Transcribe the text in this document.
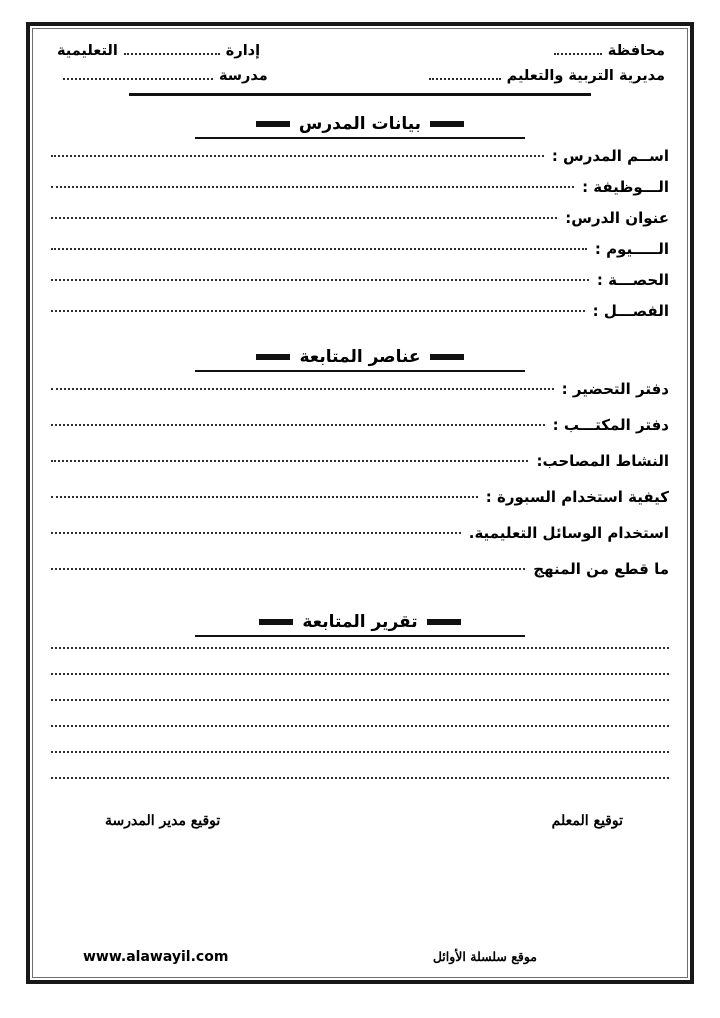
محافظة
إدارة
التعليمية
مديرية التربية والتعليم
مدرسة
بيانات المدرس
اســم المدرس :
الـــوظيفة :
عنوان الدرس:
الـــــيوم :
الحصـــة :
الفصـــل :
عناصر المتابعة
دفتر التحضير :
دفتر المكتـــب :
النشاط المصاحب:
كيفية استخدام السبورة :
استخدام الوسائل التعليمية.
ما قطع من المنهج
تقرير المتابعة
توقيع المعلم
توقيع مدير المدرسة
موقع سلسلة الأوائل
www.alawayil.com
